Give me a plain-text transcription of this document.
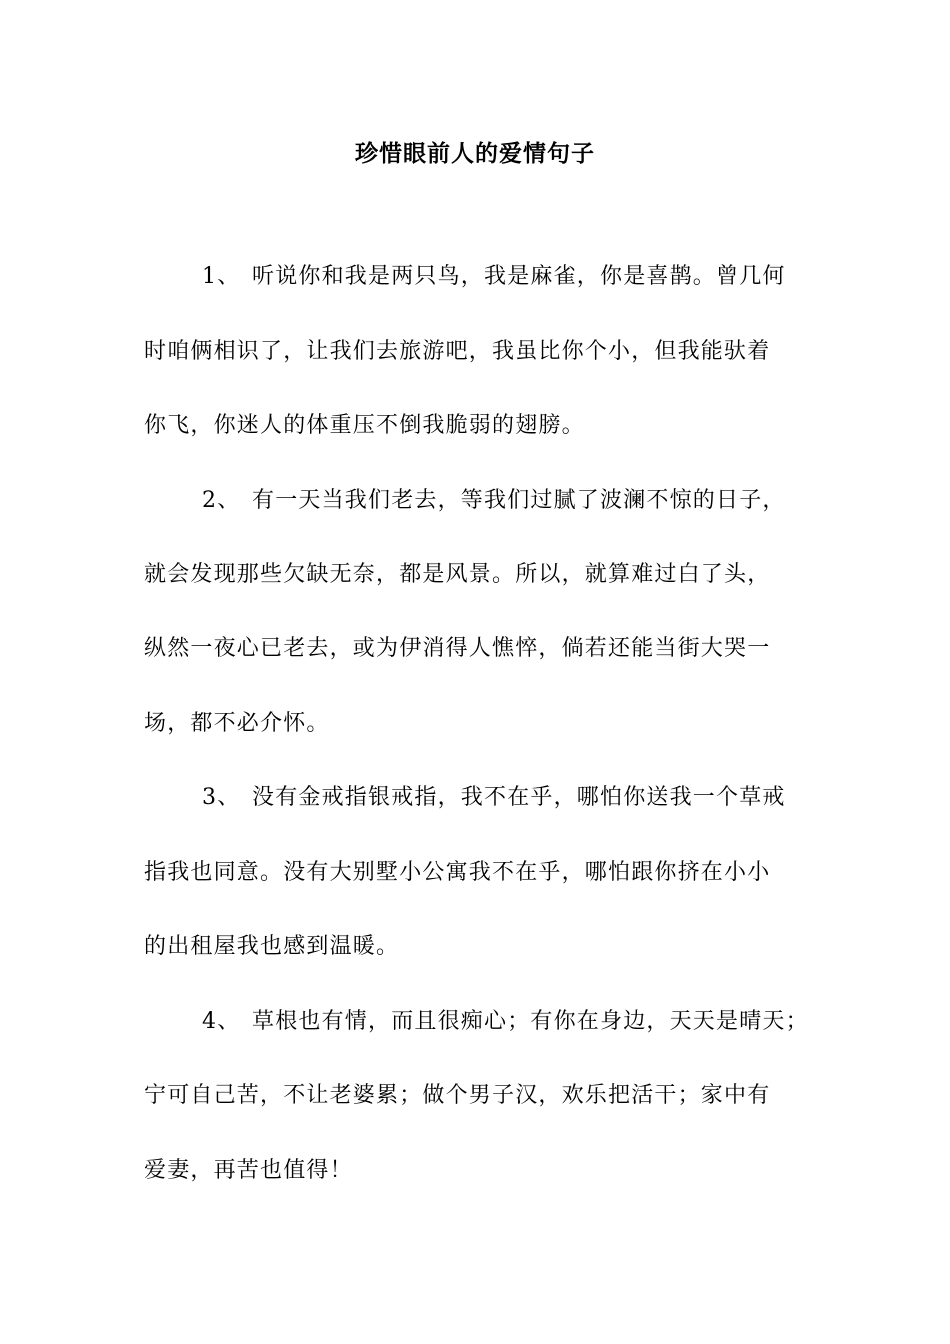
珍惜眼前人的爱情句子
1、 听说你和我是两只鸟，我是麻雀，你是喜鹊。曾几何
时咱俩相识了，让我们去旅游吧，我虽比你个小，但我能驮着
你飞，你迷人的体重压不倒我脆弱的翅膀。
2、 有一天当我们老去，等我们过腻了波澜不惊的日子，
就会发现那些欠缺无奈，都是风景。所以，就算难过白了头，
纵然一夜心已老去，或为伊消得人憔悴，倘若还能当街大哭一
场，都不必介怀。
3、 没有金戒指银戒指，我不在乎，哪怕你送我一个草戒
指我也同意。没有大别墅小公寓我不在乎，哪怕跟你挤在小小
的出租屋我也感到温暖。
4、 草根也有情，而且很痴心；有你在身边，天天是晴天；
宁可自己苦，不让老婆累；做个男子汉，欢乐把活干；家中有
爱妻，再苦也值得！
